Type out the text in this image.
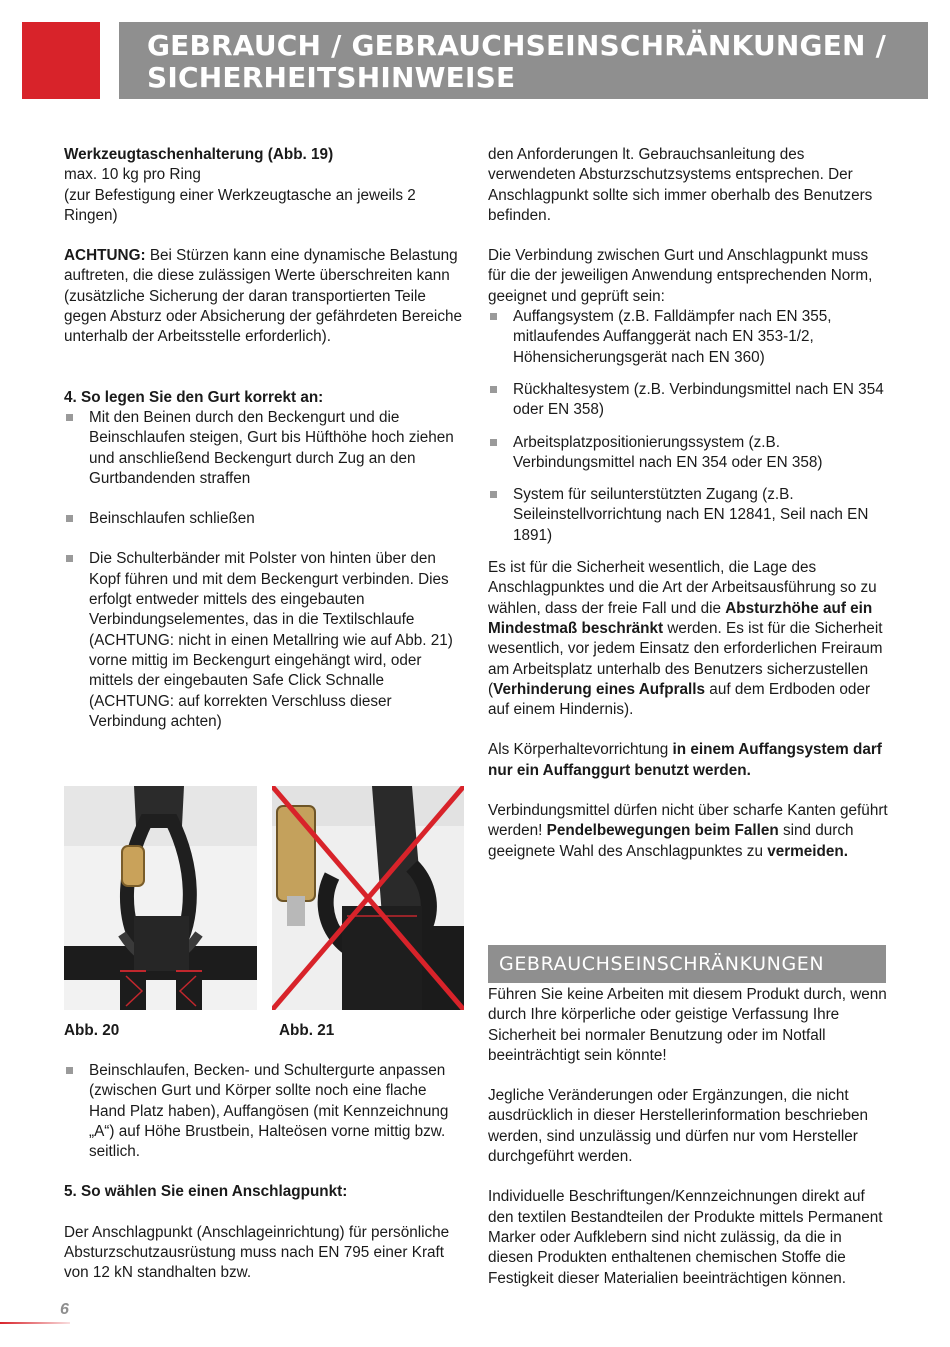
GEBRAUCH / GEBRAUCHSEINSCHRÄNKUNGEN /
SICHERHEITSHINWEISE

Werkzeugtaschenhalterung (Abb. 19)

max. 10 kg pro Ring

(zur Befestigung einer Werkzeugtasche an jeweils 2 Ringen)

ACHTUNG: Bei Stürzen kann eine dynamische Belastung auftreten, die diese zulässigen Werte überschreiten kann (zusätzliche Sicherung der daran transportierten Teile gegen Absturz oder Absicherung der gefährdeten Bereiche unterhalb der Arbeitsstelle erforderlich).

4. So legen Sie den Gurt korrekt an:

Mit den Beinen durch den Beckengurt und die Beinschlaufen steigen, Gurt bis Hüfthöhe hoch ziehen und anschließend Beckengurt durch Zug an den Gurtbandenden straffen
Beinschlaufen schließen
Die Schulterbänder mit Polster von hinten über den Kopf führen und mit dem Beckengurt verbinden. Dies erfolgt entweder mittels des eingebauten Verbindungselementes, das in die Textilschlaufe (ACHTUNG: nicht in einen Metallring wie auf Abb. 21) vorne mittig im Beckengurt eingehängt wird, oder mittels der eingebauten Safe Click Schnalle (ACHTUNG: auf korrekten Verschluss dieser Verbindung achten)
Abb. 20	Abb. 21
Beinschlaufen, Becken- und Schultergurte anpassen (zwischen Gurt und Körper sollte noch eine flache Hand Platz haben), Auffangösen (mit Kennzeichnung „A“) auf Höhe Brustbein, Halteösen vorne mittig bzw. seitlich.

5. So wählen Sie einen Anschlagpunkt:

Der Anschlagpunkt (Anschlageinrichtung) für persönliche Absturzschutzausrüstung muss nach EN 795 einer Kraft von 12 kN standhalten bzw.

den Anforderungen lt. Gebrauchsanleitung des verwendeten Absturzschutzsystems entsprechen. Der Anschlagpunkt sollte sich immer oberhalb des Benutzers befinden.

Die Verbindung zwischen Gurt und Anschlagpunkt muss für die der jeweiligen Anwendung entsprechenden Norm, geeignet und geprüft sein:

Auffangsystem (z.B. Falldämpfer nach EN 355, mitlaufendes Auffanggerät nach EN 353-1/2, Höhensicherungsgerät nach EN 360)
Rückhaltesystem (z.B. Verbindungsmittel nach EN 354 oder EN 358)
Arbeitsplatzpositionierungssystem (z.B. Verbindungsmittel nach EN 354 oder EN 358)
System für seilunterstützten Zugang (z.B. Seileinstellvorrichtung nach EN 12841, Seil nach EN 1891)

Es ist für die Sicherheit wesentlich, die Lage des Anschlagpunktes und die Art der Arbeitsausführung so zu wählen, dass der freie Fall und die Absturzhöhe auf ein Mindestmaß beschränkt werden. Es ist für die Sicherheit wesentlich, vor jedem Einsatz den erforderlichen Freiraum am Arbeitsplatz unterhalb des Benutzers sicherzustellen (Verhinderung eines Aufpralls auf dem Erdboden oder auf einem Hindernis).

Als Körperhaltevorrichtung in einem Auffangsystem darf nur ein Auffanggurt benutzt werden.

Verbindungsmittel dürfen nicht über scharfe Kanten geführt werden! Pendelbewegungen beim Fallen sind durch geeignete Wahl des Anschlagpunktes zu vermeiden.

GEBRAUCHSEINSCHRÄNKUNGEN

Führen Sie keine Arbeiten mit diesem Produkt durch, wenn durch Ihre körperliche oder geistige Verfassung Ihre Sicherheit bei normaler Benutzung oder im Notfall beeinträchtigt sein könnte!

Jegliche Veränderungen oder Ergänzungen, die nicht ausdrücklich in dieser Herstellerinformation beschrieben werden, sind unzulässig und dürfen nur vom Hersteller durchgeführt werden.

Individuelle Beschriftungen/Kennzeichnungen direkt auf den textilen Bestandteilen der Produkte mittels Permanent Marker oder Aufklebern sind nicht zulässig, da die in diesen Produkten enthaltenen chemischen Stoffe die Festigkeit dieser Materialien beeinträchtigen können.

6
